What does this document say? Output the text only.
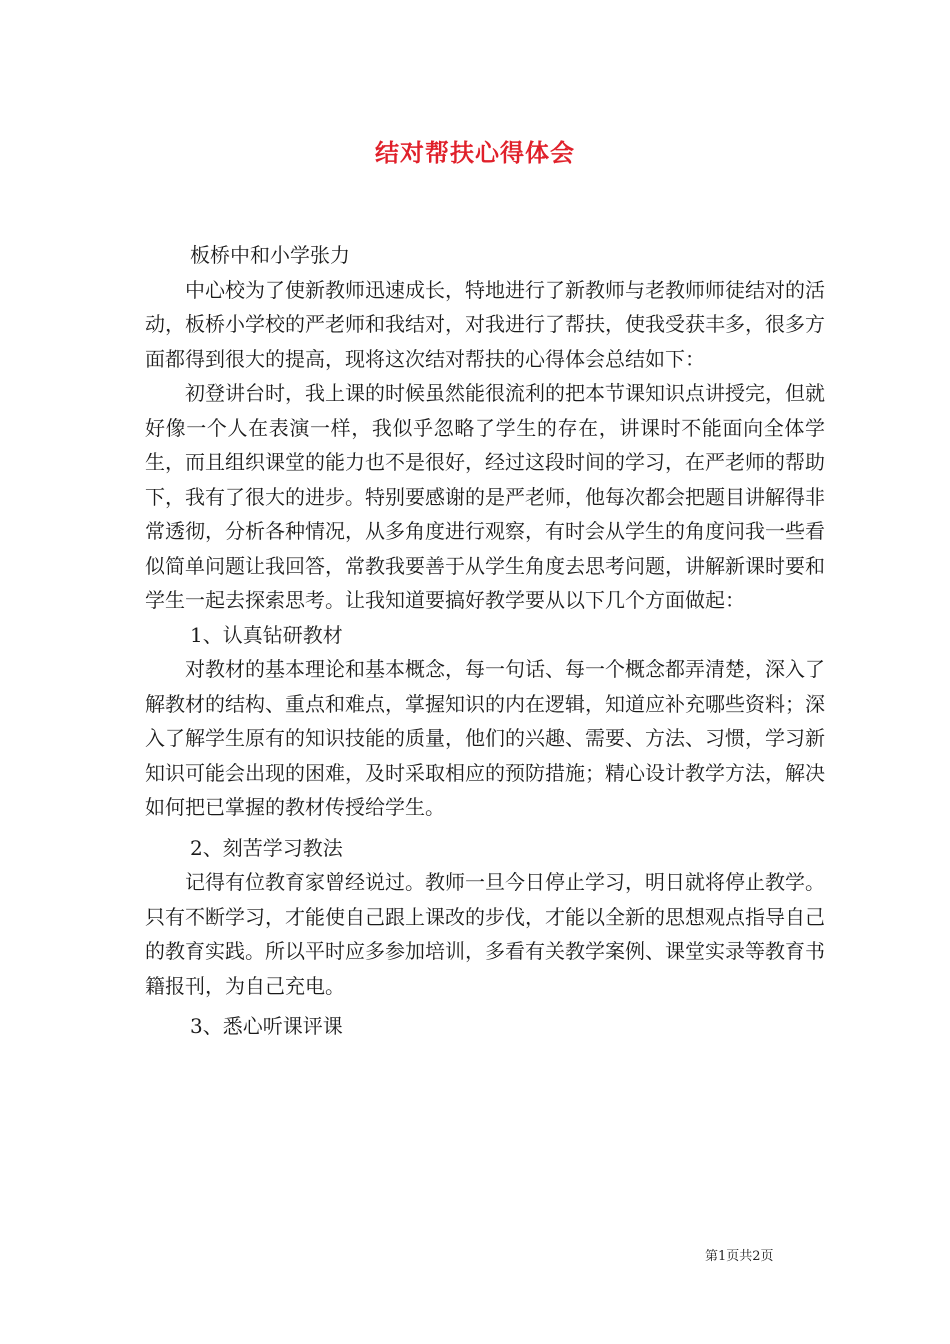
结对帮扶心得体会

板桥中和小学张力

中心校为了使新教师迅速成长，特地进行了新教师与老教师师徒结对的活动，板桥小学校的严老师和我结对，对我进行了帮扶，使我受获丰多，很多方面都得到很大的提高，现将这次结对帮扶的心得体会总结如下：

初登讲台时，我上课的时候虽然能很流利的把本节课知识点讲授完，但就好像一个人在表演一样，我似乎忽略了学生的存在，讲课时不能面向全体学生，而且组织课堂的能力也不是很好，经过这段时间的学习，在严老师的帮助下，我有了很大的进步。特别要感谢的是严老师，他每次都会把题目讲解得非常透彻，分析各种情况，从多角度进行观察，有时会从学生的角度问我一些看似简单问题让我回答，常教我要善于从学生角度去思考问题，讲解新课时要和学生一起去探索思考。让我知道要搞好教学要从以下几个方面做起：

1、认真钻研教材

对教材的基本理论和基本概念，每一句话、每一个概念都弄清楚，深入了解教材的结构、重点和难点，掌握知识的内在逻辑，知道应补充哪些资料；深入了解学生原有的知识技能的质量，他们的兴趣、需要、方法、习惯，学习新知识可能会出现的困难，及时采取相应的预防措施；精心设计教学方法，解决如何把已掌握的教材传授给学生。

2、刻苦学习教法

记得有位教育家曾经说过。教师一旦今日停止学习，明日就将停止教学。只有不断学习，才能使自己跟上课改的步伐，才能以全新的思想观点指导自己的教育实践。所以平时应多参加培训，多看有关教学案例、课堂实录等教育书籍报刊，为自己充电。

3、悉心听课评课

第1页共2页
